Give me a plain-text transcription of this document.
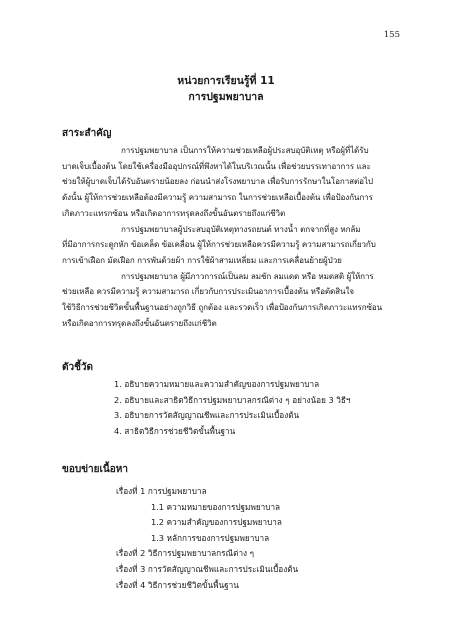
155
หน่วยการเรียนรู้ที่ 11
การปฐมพยาบาล
สาระสำคัญ
การปฐมพยาบาล เป็นการให้ความช่วยเหลือผู้ประสบอุบัติเหตุ หรือผู้ที่ได้รับ
บาดเจ็บเบื้องต้น โดยใช้เครื่องมืออุปกรณ์ที่พึงหาได้ในบริเวณนั้น เพื่อช่วยบรรเทาอาการ และ
ช่วยให้ผู้บาดเจ็บได้รับอันตรายน้อยลง ก่อนนำส่งโรงพยาบาล เพื่อรับการรักษาในโอกาสต่อไป
ดังนั้น ผู้ให้การช่วยเหลือต้องมีความรู้ ความสามารถ ในการช่วยเหลือเบื้องต้น เพื่อป้องกันการ
เกิดภาวะแทรกซ้อน หรือเกิดอาการทรุดลงถึงขั้นอันตรายถึงแก่ชีวิต
การปฐมพยาบาลผู้ประสบอุบัติเหตุทางรถยนต์ ทางน้ำ ตกจากที่สูง หกล้ม
ที่มีอาการกระดูกหัก ข้อเคล็ด ข้อเคลื่อน ผู้ให้การช่วยเหลือควรมีความรู้ ความสามารถเกี่ยวกับ
การเข้าเฝือก มัดเฝือก การพันด้วยผ้า การใช้ผ้าสามเหลี่ยม และการเคลื่อนย้ายผู้ป่วย
การปฐมพยาบาล ผู้มีภาวการณ์เป็นลม ลมชัก ลมแดด หรือ หมดสติ ผู้ให้การ
ช่วยเหลือ ควรมีความรู้ ความสามารถ เกี่ยวกับการประเมินอาการเบื้องต้น หรือตัดสินใจ
ใช้วิธีการช่วยชีวิตขั้นพื้นฐานอย่างถูกวิธี ถูกต้อง และรวดเร็ว เพื่อป้องกันการเกิดภาวะแทรกซ้อน
หรือเกิดอาการทรุดลงถึงขั้นอันตรายถึงแก่ชีวิต
ตัวชี้วัด
1. อธิบายความหมายและความสำคัญของการปฐมพยาบาล
2. อธิบายและสาธิตวิธีการปฐมพยาบาลกรณีต่าง ๆ อย่างน้อย 3 วิธีฯ
3. อธิบายการวัดสัญญาณชีพและการประเมินเบื้องต้น
4. สาธิตวิธีการช่วยชีวิตขั้นพื้นฐาน
ขอบข่ายเนื้อหา
เรื่องที่ 1 การปฐมพยาบาล
1.1 ความหมายของการปฐมพยาบาล
1.2 ความสำคัญของการปฐมพยาบาล
1.3 หลักการของการปฐมพยาบาล
เรื่องที่ 2 วิธีการปฐมพยาบาลกรณีต่าง ๆ
เรื่องที่ 3 การวัดสัญญาณชีพและการประเมินเบื้องต้น
เรื่องที่ 4 วิธีการช่วยชีวิตขั้นพื้นฐาน
